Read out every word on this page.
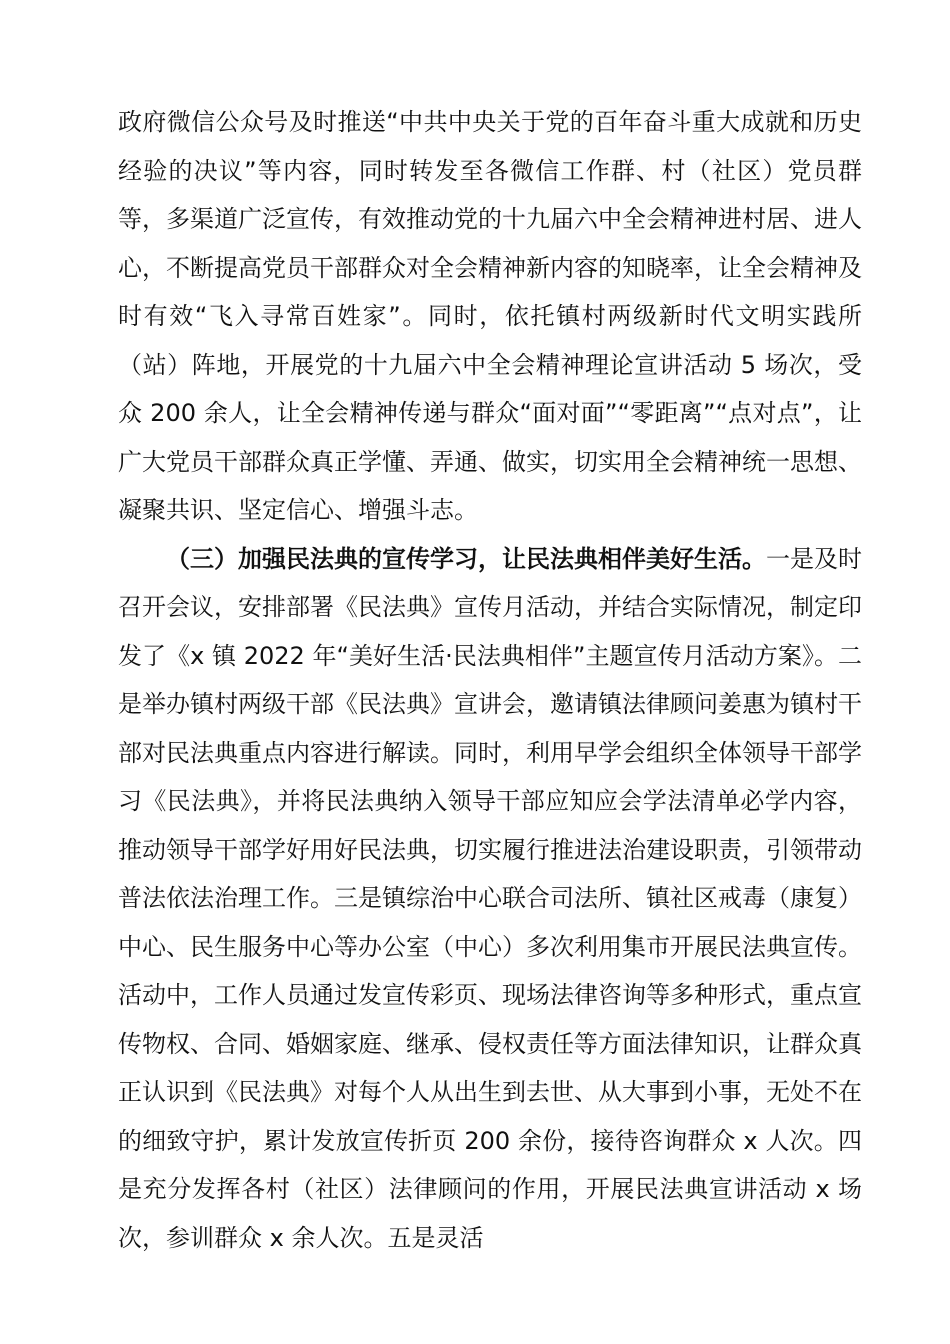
政府微信公众号及时推送“中共中央关于党的百年奋斗重大成就和历史经验的决议”等内容，同时转发至各微信工作群、村（社区）党员群等，多渠道广泛宣传，有效推动党的十九届六中全会精神进村居、进人心，不断提高党员干部群众对全会精神新内容的知晓率，让全会精神及时有效“飞入寻常百姓家”。同时，依托镇村两级新时代文明实践所（站）阵地，开展党的十九届六中全会精神理论宣讲活动 5 场次，受众 200 余人，让全会精神传递与群众“面对面”“零距离”“点对点”，让广大党员干部群众真正学懂、弄通、做实，切实用全会精神统一思想、凝聚共识、坚定信心、增强斗志。

（三）加强民法典的宣传学习，让民法典相伴美好生活。一是及时召开会议，安排部署《民法典》宣传月活动，并结合实际情况，制定印发了《x 镇 2022 年“美好生活·民法典相伴”主题宣传月活动方案》。二是举办镇村两级干部《民法典》宣讲会，邀请镇法律顾问姜惠为镇村干部对民法典重点内容进行解读。同时，利用早学会组织全体领导干部学习《民法典》，并将民法典纳入领导干部应知应会学法清单必学内容，推动领导干部学好用好民法典，切实履行推进法治建设职责，引领带动普法依法治理工作。三是镇综治中心联合司法所、镇社区戒毒（康复）中心、民生服务中心等办公室（中心）多次利用集市开展民法典宣传。活动中，工作人员通过发宣传彩页、现场法律咨询等多种形式，重点宣传物权、合同、婚姻家庭、继承、侵权责任等方面法律知识，让群众真正认识到《民法典》对每个人从出生到去世、从大事到小事，无处不在的细致守护，累计发放宣传折页 200 余份，接待咨询群众 x 人次。四是充分发挥各村（社区）法律顾问的作用，开展民法典宣讲活动 x 场次，参训群众 x 余人次。五是灵活
